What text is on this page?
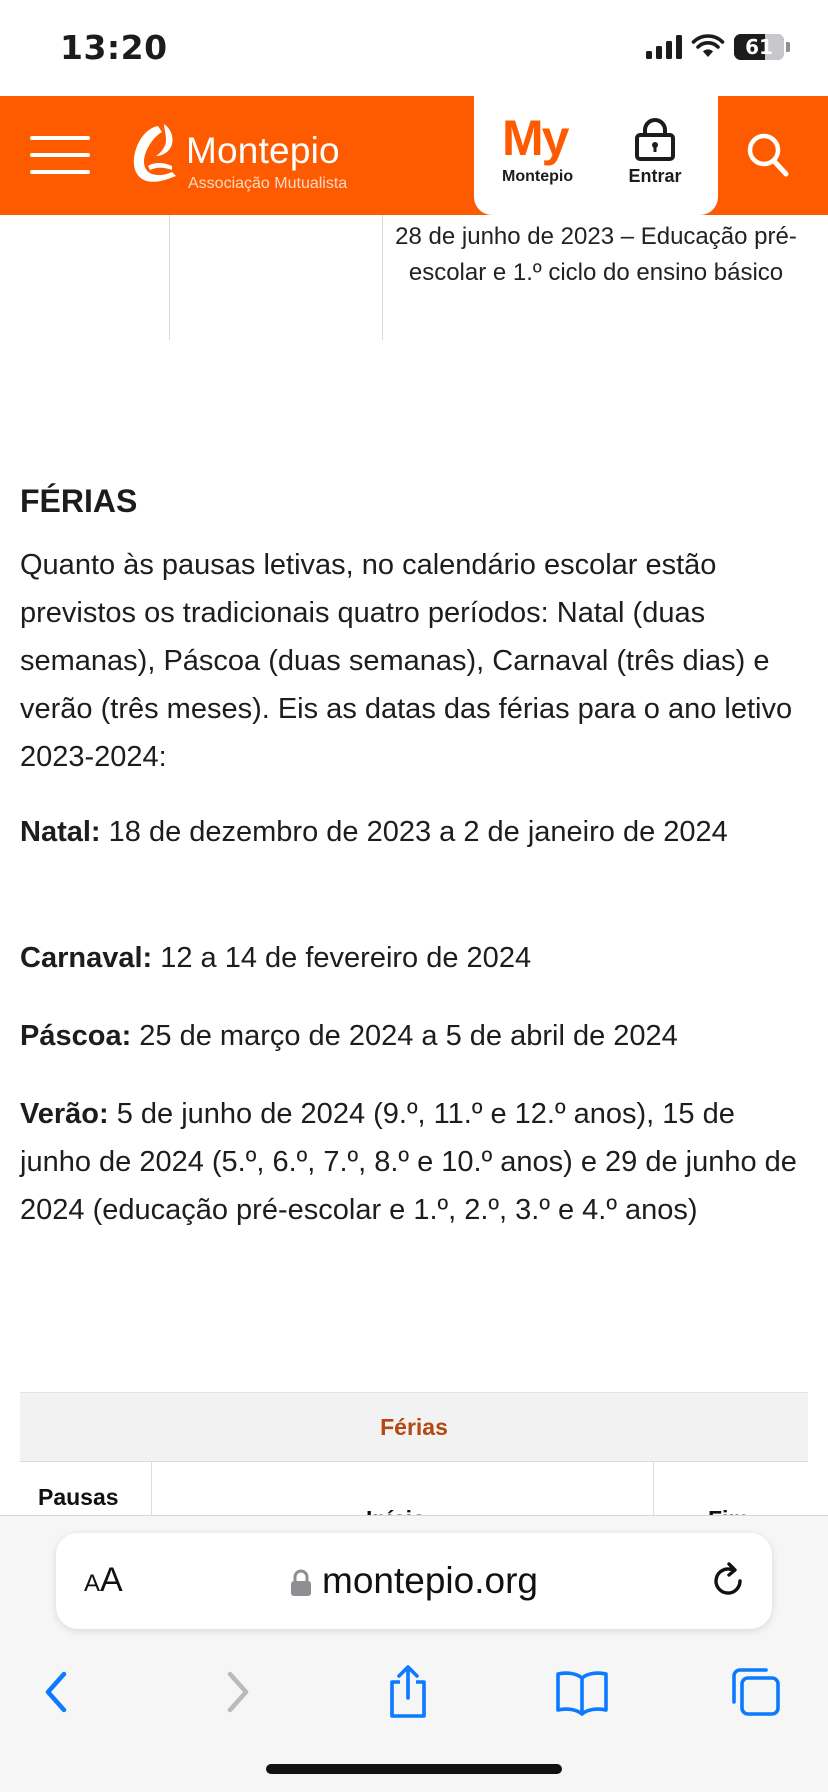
13:20	61
Montepio
Associação Mutualista
My
Montepio	Entrar
28 de junho de 2023 – Educação pré-escolar e 1.º ciclo do ensino básico
FÉRIAS
Quanto às pausas letivas, no calendário escolar estão previstos os tradicionais quatro períodos: Natal (duas semanas), Páscoa (duas semanas), Carnaval (três dias) e verão (três meses). Eis as datas das férias para o ano letivo 2023-2024:
Natal: 18 de dezembro de 2023 a 2 de janeiro de 2024
Carnaval: 12 a 14 de fevereiro de 2024
Páscoa: 25 de março de 2024 a 5 de abril de 2024
Verão: 5 de junho de 2024 (9.º, 11.º e 12.º anos), 15 de junho de 2024 (5.º, 6.º, 7.º, 8.º e 10.º anos) e 29 de junho de 2024 (educação pré-escolar e 1.º, 2.º, 3.º e 4.º anos)
Férias
Pausas
AA	montepio.org
